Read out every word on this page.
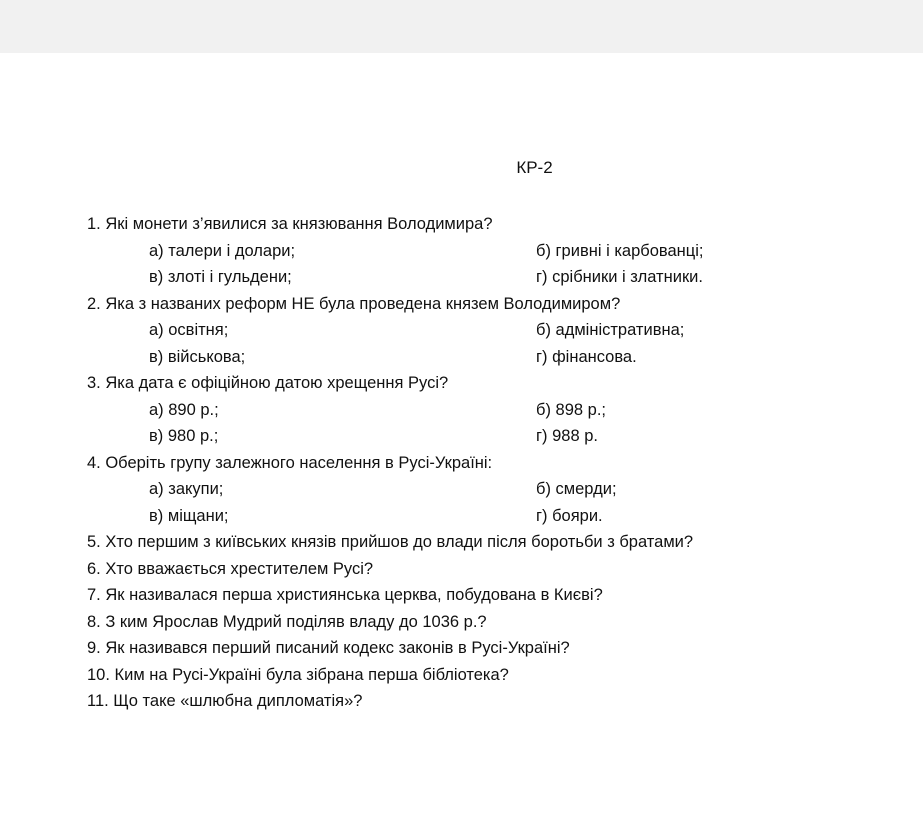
КР-2
1. Які монети з’явилися за князювання Володимира?
а) талери і долари;	б) гривні і карбованці;
в) злоті і гульдени;	г) срібники і златники.
2. Яка з названих реформ НЕ була проведена князем Володимиром?
а) освітня;	б) адміністративна;
в) військова;	г) фінансова.
3. Яка дата є офіційною датою хрещення Русі?
а) 890 р.;	б) 898 р.;
в) 980 р.;	г) 988 р.
4. Оберіть групу залежного населення в Русі-Україні:
а) закупи;	б) смерди;
в) міщани;	г) бояри.
5. Хто першим з київських князів прийшов до влади після боротьби з братами?
6. Хто вважається хрестителем Русі?
7. Як називалася перша християнська церква, побудована в Києві?
8. З ким Ярослав Мудрий поділяв владу до 1036 р.?
9. Як називався перший писаний кодекс законів в Русі-Україні?
10. Ким на Русі-Україні була зібрана перша бібліотека?
11. Що таке «шлюбна дипломатія»?
